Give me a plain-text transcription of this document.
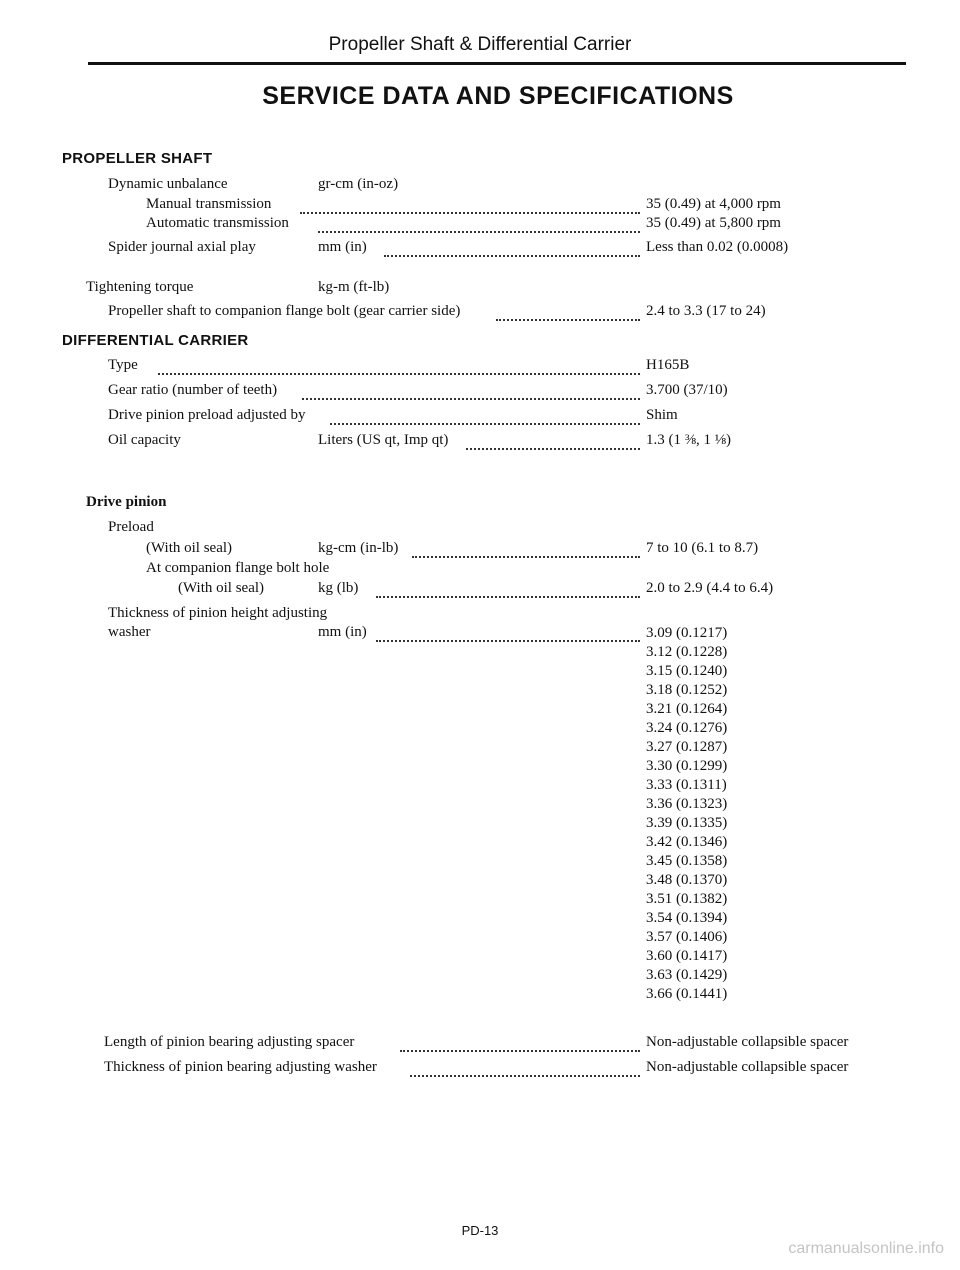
Propeller Shaft & Differential Carrier
SERVICE DATA AND SPECIFICATIONS
PROPELLER SHAFT
Dynamic unbalance	gr-cm (in-oz)
Manual transmission	35 (0.49) at 4,000 rpm
Automatic transmission	35 (0.49) at 5,800 rpm
Spider journal axial play	mm (in)	Less than 0.02 (0.0008)
Tightening torque	kg-m (ft-lb)
Propeller shaft to companion flange bolt (gear carrier side)	2.4 to 3.3 (17 to 24)
DIFFERENTIAL CARRIER
Type	H165B
Gear ratio (number of teeth)	3.700 (37/10)
Drive pinion preload adjusted by	Shim
Oil capacity	Liters (US qt, Imp qt)	1.3 (1 ⅜, 1 ⅛)
Drive pinion
Preload
(With oil seal)	kg-cm (in-lb)	7 to 10 (6.1 to 8.7)
At companion flange bolt hole
(With oil seal)	kg (lb)	2.0 to 2.9 (4.4 to 6.4)
Thickness of pinion height adjusting
washer	mm (in)	3.09 (0.1217)
3.12 (0.1228)
3.15 (0.1240)
3.18 (0.1252)
3.21 (0.1264)
3.24 (0.1276)
3.27 (0.1287)
3.30 (0.1299)
3.33 (0.1311)
3.36 (0.1323)
3.39 (0.1335)
3.42 (0.1346)
3.45 (0.1358)
3.48 (0.1370)
3.51 (0.1382)
3.54 (0.1394)
3.57 (0.1406)
3.60 (0.1417)
3.63 (0.1429)
3.66 (0.1441)
Length of pinion bearing adjusting spacer	Non-adjustable collapsible spacer
Thickness of pinion bearing adjusting washer	Non-adjustable collapsible spacer
PD-13
carmanualsonline.info
